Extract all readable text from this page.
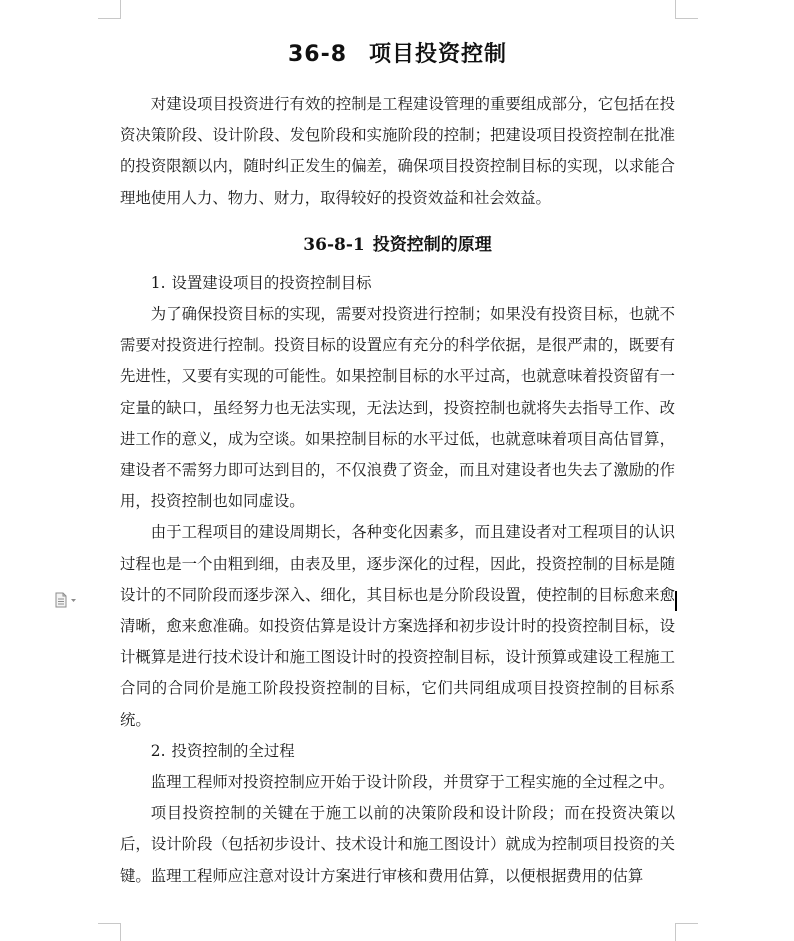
36-8 项目投资控制

对建设项目投资进行有效的控制是工程建设管理的重要组成部分，它包括在投资决策阶段、设计阶段、发包阶段和实施阶段的控制；把建设项目投资控制在批准的投资限额以内，随时纠正发生的偏差，确保项目投资控制目标的实现，以求能合理地使用人力、物力、财力，取得较好的投资效益和社会效益。

36-8-1 投资控制的原理

1. 设置建设项目的投资控制目标

为了确保投资目标的实现，需要对投资进行控制；如果没有投资目标，也就不需要对投资进行控制。投资目标的设置应有充分的科学依据，是很严肃的，既要有先进性，又要有实现的可能性。如果控制目标的水平过高，也就意味着投资留有一定量的缺口，虽经努力也无法实现，无法达到，投资控制也就将失去指导工作、改进工作的意义，成为空谈。如果控制目标的水平过低，也就意味着项目高估冒算，建设者不需努力即可达到目的，不仅浪费了资金，而且对建设者也失去了激励的作用，投资控制也如同虚设。

由于工程项目的建设周期长，各种变化因素多，而且建设者对工程项目的认识过程也是一个由粗到细，由表及里，逐步深化的过程，因此，投资控制的目标是随设计的不同阶段而逐步深入、细化，其目标也是分阶段设置，使控制的目标愈来愈清晰，愈来愈准确。如投资估算是设计方案选择和初步设计时的投资控制目标，设计概算是进行技术设计和施工图设计时的投资控制目标，设计预算或建设工程施工合同的合同价是施工阶段投资控制的目标，它们共同组成项目投资控制的目标系统。

2. 投资控制的全过程

监理工程师对投资控制应开始于设计阶段，并贯穿于工程实施的全过程之中。

项目投资控制的关键在于施工以前的决策阶段和设计阶段；而在投资决策以后，设计阶段（包括初步设计、技术设计和施工图设计）就成为控制项目投资的关键。监理工程师应注意对设计方案进行审核和费用估算，以便根据费用的估算
